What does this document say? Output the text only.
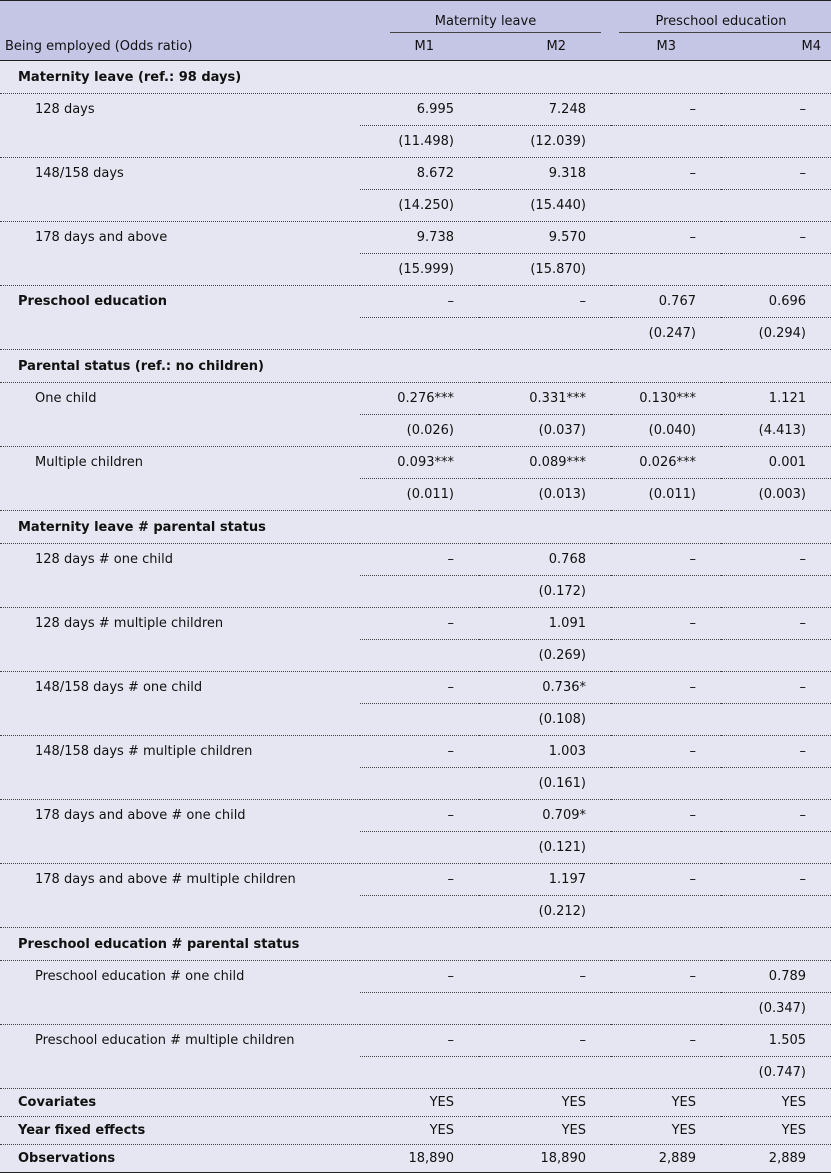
	Maternity leave		Preschool education	

Being employed (Odds ratio)	M1	M2	M3	M4
Maternity leave (ref.: 98 days)				
128 days	6.995	7.248	–	–
	(11.498)	(12.039)		
148/158 days	8.672	9.318	–	–
	(14.250)	(15.440)		
178 days and above	9.738	9.570	–	–
	(15.999)	(15.870)		
Preschool education	–	–	0.767	0.696
			(0.247)	(0.294)
Parental status (ref.: no children)				
One child	0.276***	0.331***	0.130***	1.121
	(0.026)	(0.037)	(0.040)	(4.413)
Multiple children	0.093***	0.089***	0.026***	0.001
	(0.011)	(0.013)	(0.011)	(0.003)
Maternity leave # parental status				
128 days # one child	–	0.768	–	–
		(0.172)		
128 days # multiple children	–	1.091	–	–
		(0.269)		
148/158 days # one child	–	0.736*	–	–
		(0.108)		
148/158 days # multiple children	–	1.003	–	–
		(0.161)		
178 days and above # one child	–	0.709*	–	–
		(0.121)		
178 days and above # multiple children	–	1.197	–	–
		(0.212)		
Preschool education # parental status				
Preschool education # one child	–	–	–	0.789
				(0.347)
Preschool education # multiple children	–	–	–	1.505
				(0.747)
Covariates	YES	YES	YES	YES
Year fixed effects	YES	YES	YES	YES
Observations	18,890	18,890	2,889	2,889
